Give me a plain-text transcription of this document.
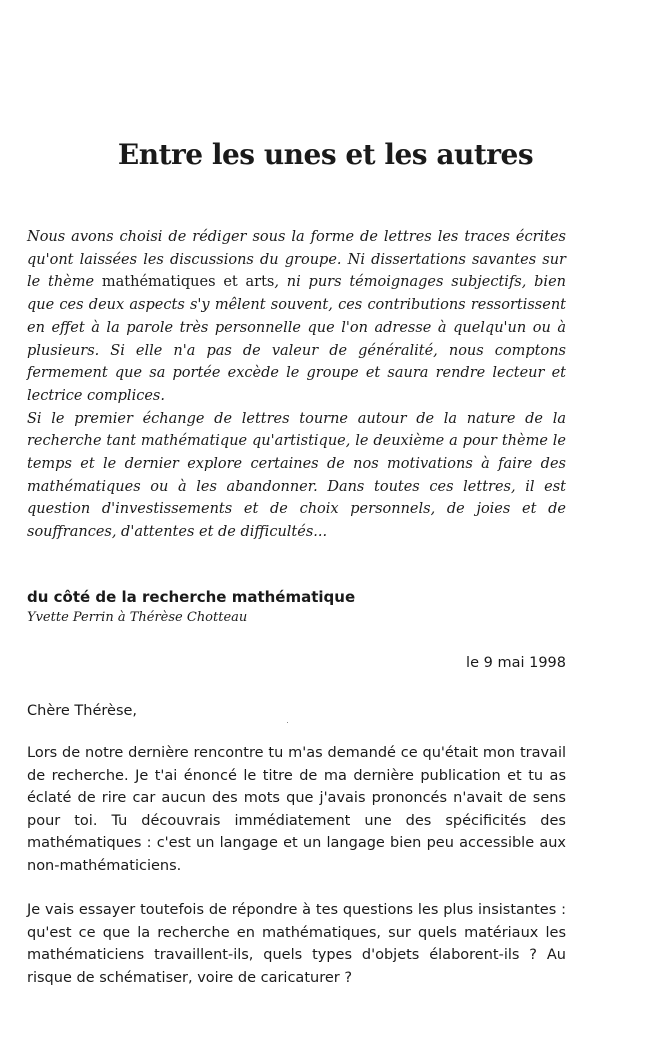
Entre les unes et les autres

Nous avons choisi de rédiger sous la forme de lettres les traces écrites qu'ont laissées les discussions du groupe. Ni dissertations savantes sur le thème mathématiques et arts, ni purs témoignages subjectifs, bien que ces deux aspects s'y mêlent souvent, ces contributions ressortissent en effet à la parole très personnelle que l'on adresse à quelqu'un ou à plusieurs. Si elle n'a pas de valeur de généralité, nous comptons fermement que sa portée excède le groupe et saura rendre lecteur et lectrice complices.

Si le premier échange de lettres tourne autour de la nature de la recherche tant mathématique qu'artistique, le deuxième a pour thème le temps et le dernier explore certaines de nos motivations à faire des mathématiques ou à les abandonner. Dans toutes ces lettres, il est question d'investissements et de choix personnels, de joies et de souffrances, d'attentes et de difficultés...

du côté de la recherche mathématique
Yvette Perrin à Thérèse Chotteau
le 9 mai 1998
Chère Thérèse,

Lors de notre dernière rencontre tu m'as demandé ce qu'était mon travail de recherche. Je t'ai énoncé le titre de ma dernière publication et tu as éclaté de rire car aucun des mots que j'avais prononcés n'avait de sens pour toi. Tu découvrais immédiatement une des spécificités des mathématiques : c'est un langage et un langage bien peu accessible aux non-mathématiciens.

Je vais essayer toutefois de répondre à tes questions les plus insistantes : qu'est ce que la recherche en mathématiques, sur quels matériaux les mathématiciens travaillent-ils, quels types d'objets élaborent-ils ? Au risque de schématiser, voire de caricaturer ?
